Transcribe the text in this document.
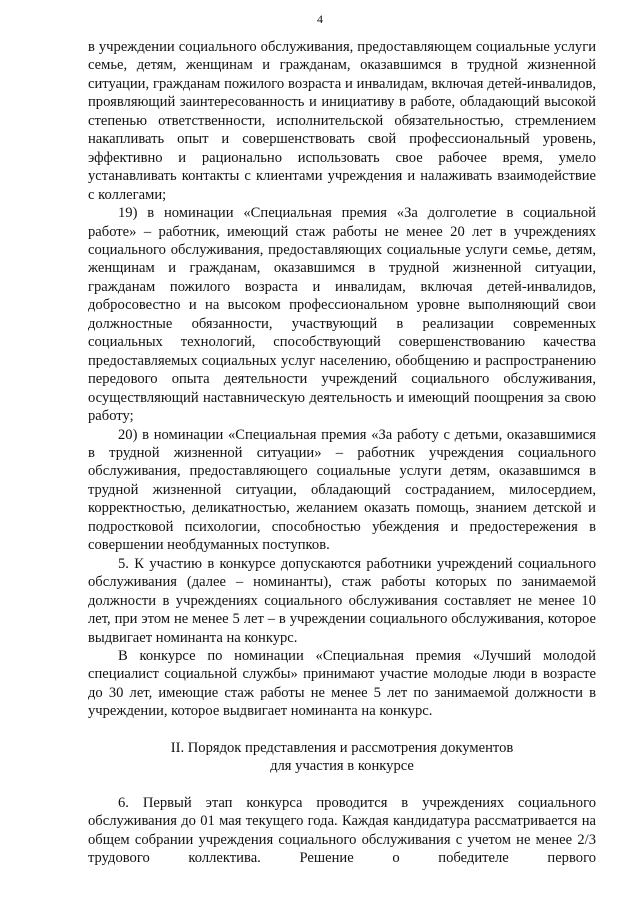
4

в учреждении социального обслуживания, предоставляющем социальные услуги семье, детям, женщинам и гражданам, оказавшимся в трудной жизненной ситуации, гражданам пожилого возраста и инвалидам, включая детей-инвалидов, проявляющий заинтересованность и инициативу в работе, обладающий высокой степенью ответственности, исполнительской обязательностью, стремлением накапливать опыт и совершенствовать свой профессиональный уровень, эффективно и рационально использовать свое рабочее время, умело устанавливать контакты с клиентами учреждения и налаживать взаимодействие с коллегами;

19) в номинации «Специальная премия «За долголетие в социальной работе» – работник, имеющий стаж работы не менее 20 лет в учреждениях социального обслуживания, предоставляющих социальные услуги семье, детям, женщинам и гражданам, оказавшимся в трудной жизненной ситуации, гражданам пожилого возраста и инвалидам, включая детей-инвалидов, добросовестно и на высоком профессиональном уровне выполняющий свои должностные обязанности, участвующий в реализации современных социальных технологий, способствующий совершенствованию качества предоставляемых социальных услуг населению, обобщению и распространению передового опыта деятельности учреждений социального обслуживания, осуществляющий наставническую деятельность и имеющий поощрения за свою работу;

20) в номинации «Специальная премия «За работу с детьми, оказавшимися в трудной жизненной ситуации» – работник учреждения социального обслуживания, предоставляющего социальные услуги детям, оказавшимся в трудной жизненной ситуации, обладающий состраданием, милосердием, корректностью, деликатностью, желанием оказать помощь, знанием детской и подростковой психологии, способностью убеждения и предостережения в совершении необдуманных поступков.

5. К участию в конкурсе допускаются работники учреждений социального обслуживания (далее – номинанты), стаж работы которых по занимаемой должности в учреждениях социального обслуживания составляет не менее 10 лет, при этом не менее 5 лет – в учреждении социального обслуживания, которое выдвигает номинанта на конкурс.

В конкурсе по номинации «Специальная премия «Лучший молодой специалист социальной службы» принимают участие молодые люди в возрасте до 30 лет, имеющие стаж работы не менее 5 лет по занимаемой должности в учреждении, которое выдвигает номинанта на конкурс.

II. Порядок представления и рассмотрения документов
для участия в конкурсе

6. Первый этап конкурса проводится в учреждениях социального обслуживания до 01 мая текущего года. Каждая кандидатура рассматривается на общем собрании учреждения социального обслуживания с учетом не менее 2/3 трудового коллектива. Решение о победителе первого
